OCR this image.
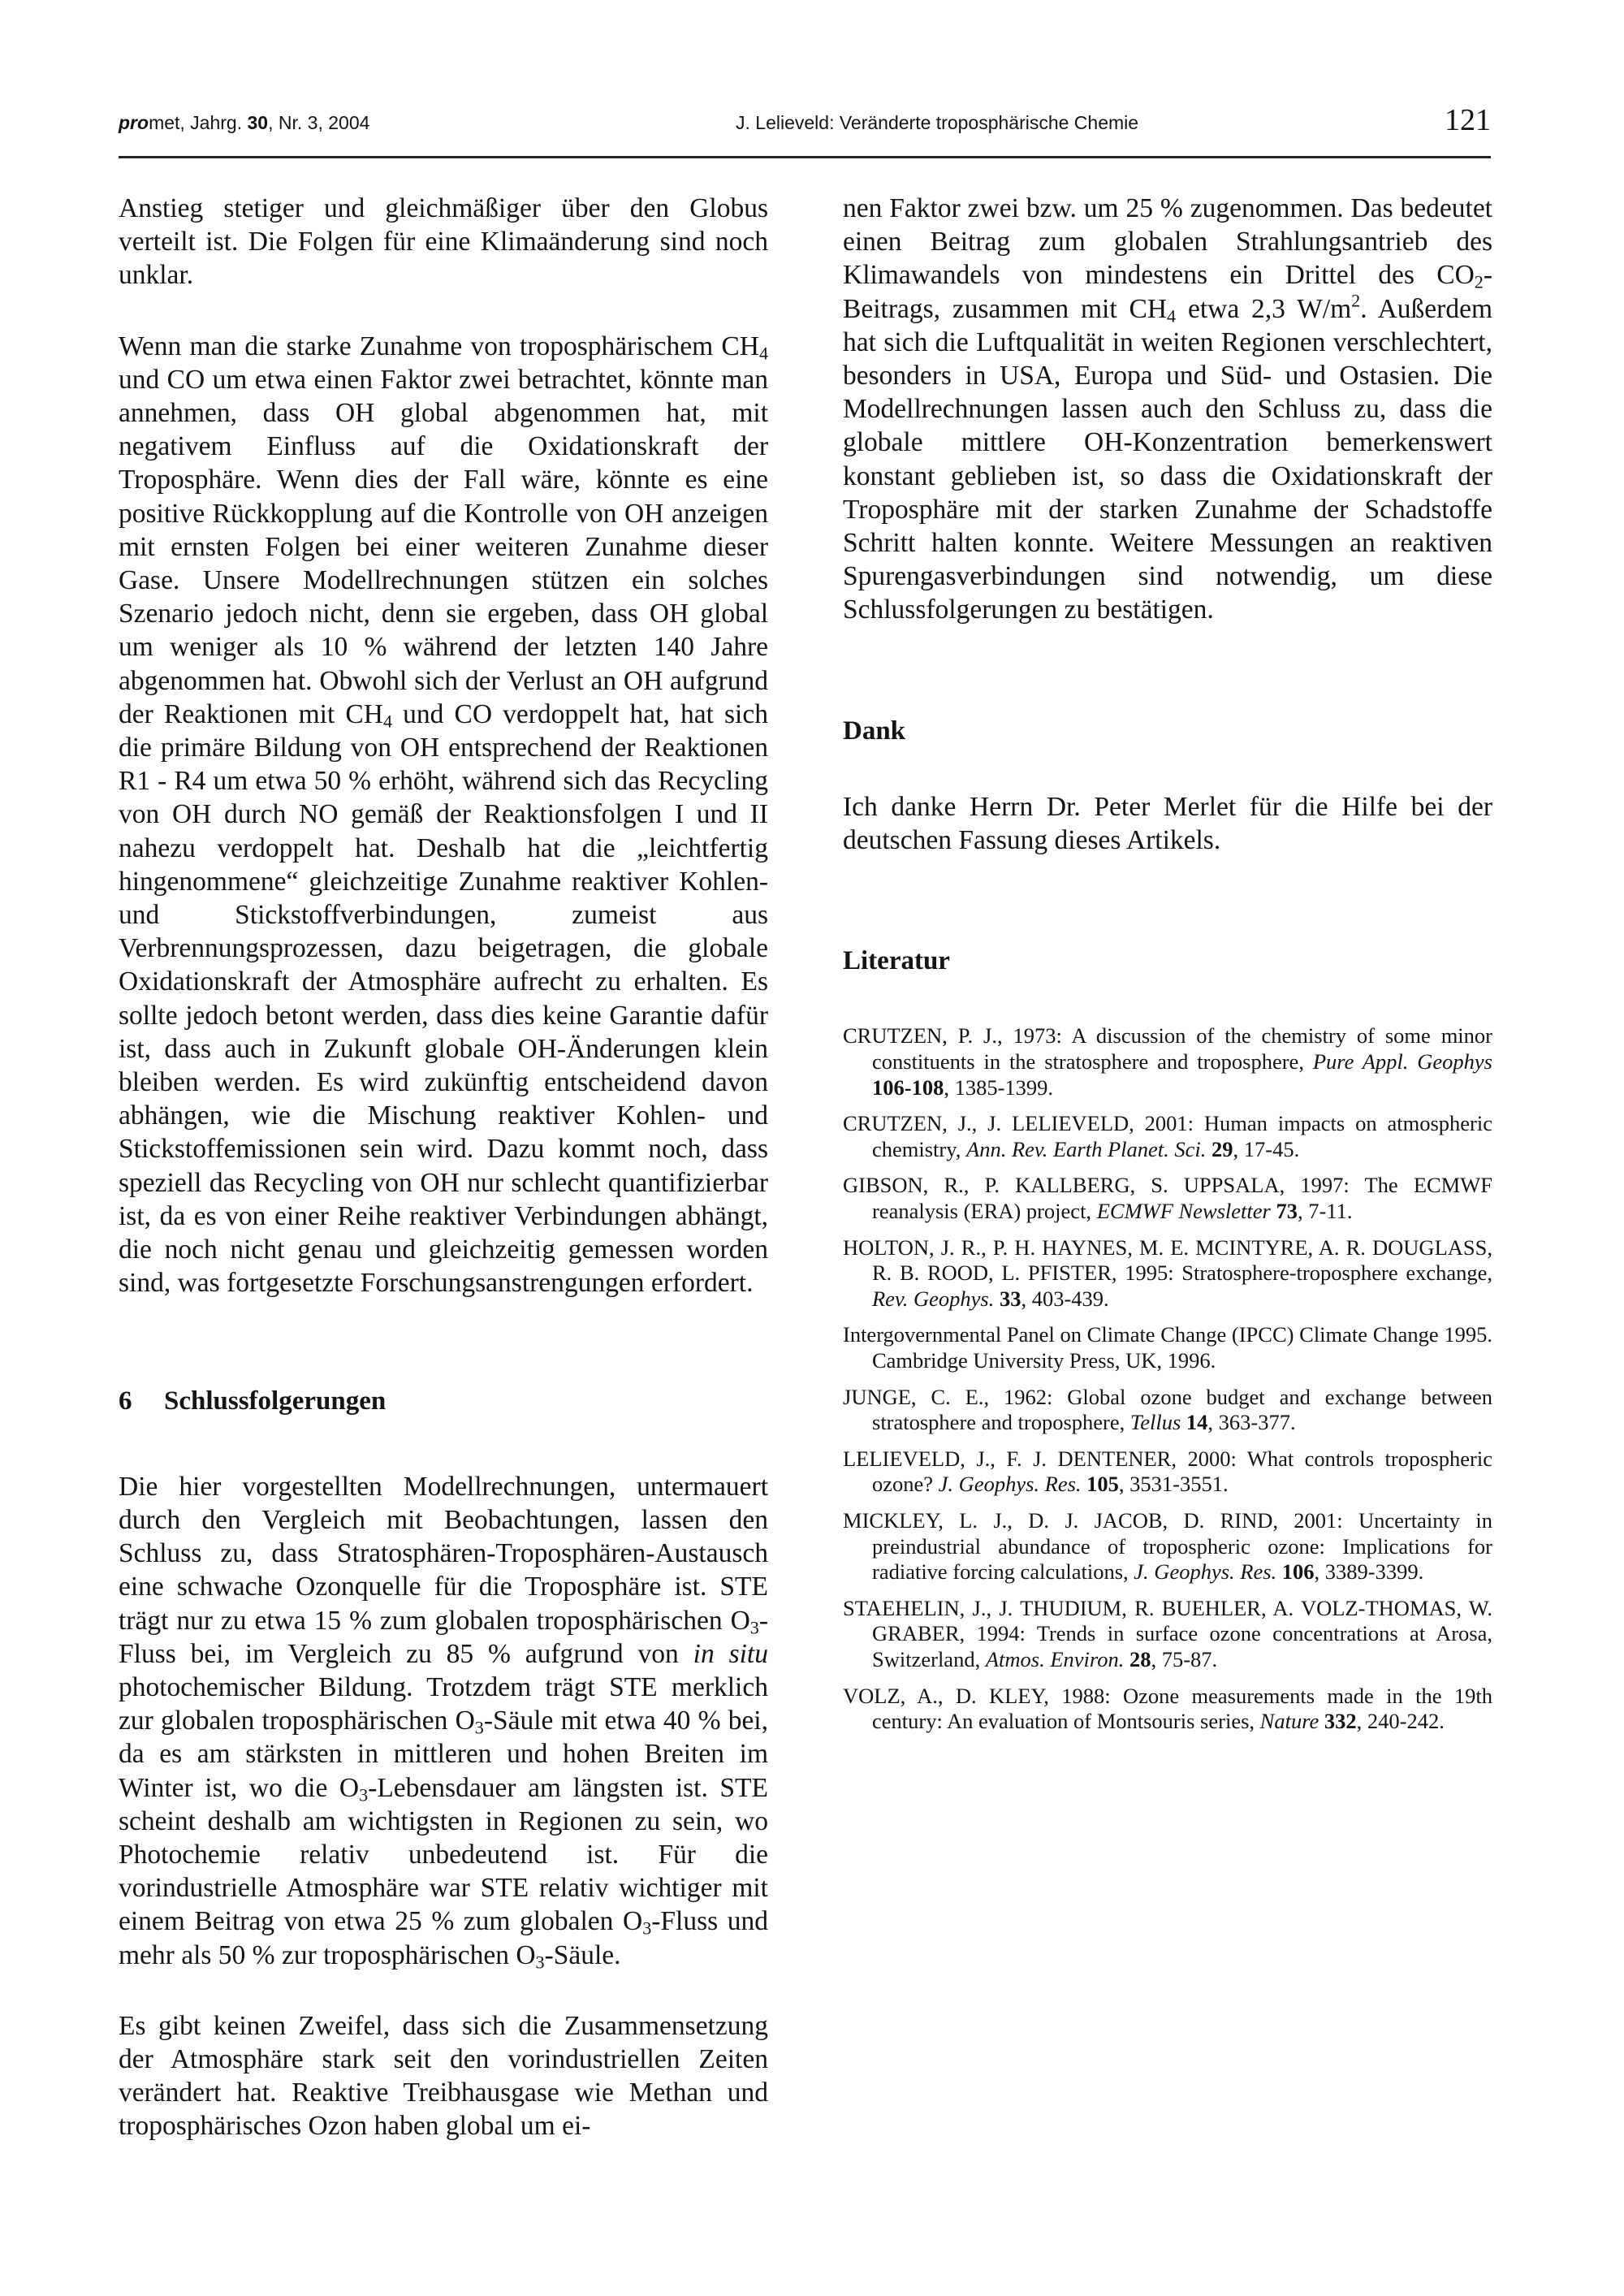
promet, Jahrg. 30, Nr. 3, 2004	J. Lelieveld: Veränderte troposphärische Chemie	121

Anstieg stetiger und gleichmäßiger über den Globus verteilt ist. Die Folgen für eine Klimaänderung sind noch unklar.

Wenn man die starke Zunahme von troposphärischem $CH_4$ und CO um etwa einen Faktor zwei betrachtet, könnte man annehmen, dass OH global abgenommen hat, mit negativem Einfluss auf die Oxidationskraft der Troposphäre. Wenn dies der Fall wäre, könnte es eine positive Rückkopplung auf die Kontrolle von OH anzeigen mit ernsten Folgen bei einer weiteren Zunahme dieser Gase. Unsere Modellrechnungen stützen ein solches Szenario jedoch nicht, denn sie ergeben, dass OH global um weniger als 10 % während der letzten 140 Jahre abgenommen hat. Obwohl sich der Verlust an OH aufgrund der Reaktionen mit $CH_4$ und CO verdoppelt hat, hat sich die primäre Bildung von OH entsprechend der Reaktionen R1 - R4 um etwa 50 % erhöht, während sich das Recycling von OH durch NO gemäß der Reaktionsfolgen I und II nahezu verdoppelt hat. Deshalb hat die „leichtfertig hingenommene“ gleichzeitige Zunahme reaktiver Kohlen- und Stickstoffverbindungen, zumeist aus Verbrennungsprozessen, dazu beigetragen, die globale Oxidationskraft der Atmosphäre aufrecht zu erhalten. Es sollte jedoch betont werden, dass dies keine Garantie dafür ist, dass auch in Zukunft globale OH-Änderungen klein bleiben werden. Es wird zukünftig entscheidend davon abhängen, wie die Mischung reaktiver Kohlen- und Stickstoffemissionen sein wird. Dazu kommt noch, dass speziell das Recycling von OH nur schlecht quantifizierbar ist, da es von einer Reihe reaktiver Verbindungen abhängt, die noch nicht genau und gleichzeitig gemessen worden sind, was fortgesetzte Forschungsanstrengungen erfordert.

6 Schlussfolgerungen

Die hier vorgestellten Modellrechnungen, untermauert durch den Vergleich mit Beobachtungen, lassen den Schluss zu, dass Stratosphären-Troposphären-Austausch eine schwache Ozonquelle für die Troposphäre ist. STE trägt nur zu etwa 15 % zum globalen troposphärischen $O_3$-Fluss bei, im Vergleich zu 85 % aufgrund von in situ photochemischer Bildung. Trotzdem trägt STE merklich zur globalen troposphärischen $O_3$-Säule mit etwa 40 % bei, da es am stärksten in mittleren und hohen Breiten im Winter ist, wo die $O_3$-Lebensdauer am längsten ist. STE scheint deshalb am wichtigsten in Regionen zu sein, wo Photochemie relativ unbedeutend ist. Für die vorindustrielle Atmosphäre war STE relativ wichtiger mit einem Beitrag von etwa 25 % zum globalen $O_3$-Fluss und mehr als 50 % zur troposphärischen $O_3$-Säule.

Es gibt keinen Zweifel, dass sich die Zusammensetzung der Atmosphäre stark seit den vorindustriellen Zeiten verändert hat. Reaktive Treibhausgase wie Methan und troposphärisches Ozon haben global um ei-

nen Faktor zwei bzw. um 25 % zugenommen. Das bedeutet einen Beitrag zum globalen Strahlungsantrieb des Klimawandels von mindestens ein Drittel des $CO_2$-Beitrags, zusammen mit $CH_4$ etwa 2,3 $W/m^2$. Außerdem hat sich die Luftqualität in weiten Regionen verschlechtert, besonders in USA, Europa und Süd- und Ostasien. Die Modellrechnungen lassen auch den Schluss zu, dass die globale mittlere OH-Konzentration bemerkenswert konstant geblieben ist, so dass die Oxidationskraft der Troposphäre mit der starken Zunahme der Schadstoffe Schritt halten konnte. Weitere Messungen an reaktiven Spurengasverbindungen sind notwendig, um diese Schlussfolgerungen zu bestätigen.

Dank

Ich danke Herrn Dr. Peter Merlet für die Hilfe bei der deutschen Fassung dieses Artikels.

Literatur

CRUTZEN, P. J., 1973: A discussion of the chemistry of some minor constituents in the stratosphere and troposphere, Pure Appl. Geophys 106-108, 1385-1399.

CRUTZEN, J., J. LELIEVELD, 2001: Human impacts on atmospheric chemistry, Ann. Rev. Earth Planet. Sci. 29, 17-45.

GIBSON, R., P. KALLBERG, S. UPPSALA, 1997: The ECMWF reanalysis (ERA) project, ECMWF Newsletter 73, 7-11.

HOLTON, J. R., P. H. HAYNES, M. E. MCINTYRE, A. R. DOUGLASS, R. B. ROOD, L. PFISTER, 1995: Stratosphere-troposphere exchange, Rev. Geophys. 33, 403-439.

Intergovernmental Panel on Climate Change (IPCC) Climate Change 1995. Cambridge University Press, UK, 1996.

JUNGE, C. E., 1962: Global ozone budget and exchange between stratosphere and troposphere, Tellus 14, 363-377.

LELIEVELD, J., F. J. DENTENER, 2000: What controls tropospheric ozone? J. Geophys. Res. 105, 3531-3551.

MICKLEY, L. J., D. J. JACOB, D. RIND, 2001: Uncertainty in preindustrial abundance of tropospheric ozone: Implications for radiative forcing calculations, J. Geophys. Res. 106, 3389-3399.

STAEHELIN, J., J. THUDIUM, R. BUEHLER, A. VOLZ-THOMAS, W. GRABER, 1994: Trends in surface ozone concentrations at Arosa, Switzerland, Atmos. Environ. 28, 75-87.

VOLZ, A., D. KLEY, 1988: Ozone measurements made in the 19th century: An evaluation of Montsouris series, Nature 332, 240-242.
